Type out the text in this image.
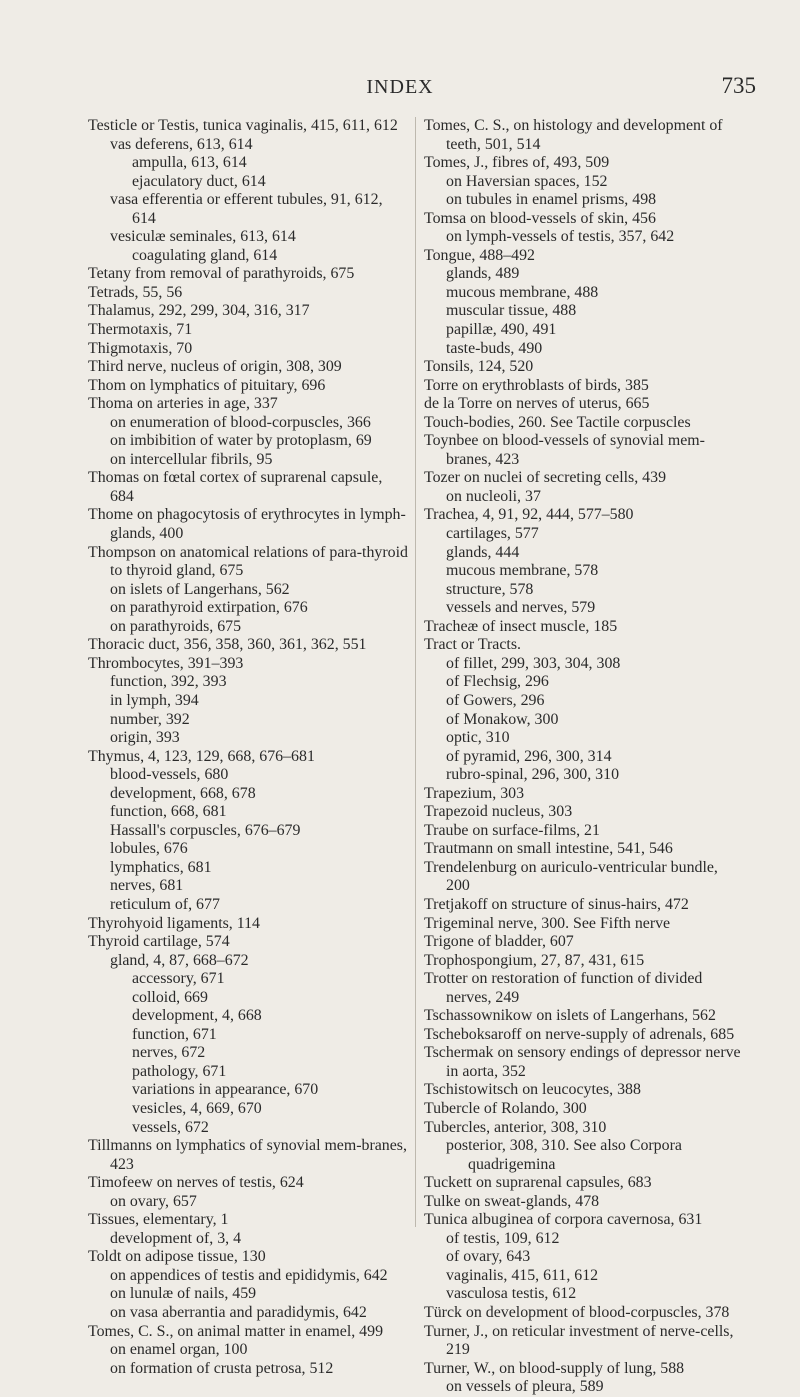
INDEX	735
Testicle or Testis, tunica vaginalis, 415, 611, 612
vas deferens, 613, 614
ampulla, 613, 614
ejaculatory duct, 614
vasa efferentia or efferent tubules, 91, 612, 614
vesiculæ seminales, 613, 614
coagulating gland, 614
Tetany from removal of parathyroids, 675
Tetrads, 55, 56
Thalamus, 292, 299, 304, 316, 317
Thermotaxis, 71
Thigmotaxis, 70
Third nerve, nucleus of origin, 308, 309
Thom on lymphatics of pituitary, 696
Thoma on arteries in age, 337
on enumeration of blood-corpuscles, 366
on imbibition of water by protoplasm, 69
on intercellular fibrils, 95
Thomas on fœtal cortex of suprarenal capsule, 684
Thome on phagocytosis of erythrocytes in lymph-glands, 400
Thompson on anatomical relations of para-thyroid to thyroid gland, 675
on islets of Langerhans, 562
on parathyroid extirpation, 676
on parathyroids, 675
Thoracic duct, 356, 358, 360, 361, 362, 551
Thrombocytes, 391–393
function, 392, 393
in lymph, 394
number, 392
origin, 393
Thymus, 4, 123, 129, 668, 676–681
blood-vessels, 680
development, 668, 678
function, 668, 681
Hassall's corpuscles, 676–679
lobules, 676
lymphatics, 681
nerves, 681
reticulum of, 677
Thyrohyoid ligaments, 114
Thyroid cartilage, 574
gland, 4, 87, 668–672
accessory, 671
colloid, 669
development, 4, 668
function, 671
nerves, 672
pathology, 671
variations in appearance, 670
vesicles, 4, 669, 670
vessels, 672
Tillmanns on lymphatics of synovial mem-branes, 423
Timofeew on nerves of testis, 624
on ovary, 657
Tissues, elementary, 1
development of, 3, 4
Toldt on adipose tissue, 130
on appendices of testis and epididymis, 642
on lunulæ of nails, 459
on vasa aberrantia and paradidymis, 642
Tomes, C. S., on animal matter in enamel, 499
on enamel organ, 100
on formation of crusta petrosa, 512
Tomes, C. S., on histology and development of teeth, 501, 514
Tomes, J., fibres of, 493, 509
on Haversian spaces, 152
on tubules in enamel prisms, 498
Tomsa on blood-vessels of skin, 456
on lymph-vessels of testis, 357, 642
Tongue, 488–492
glands, 489
mucous membrane, 488
muscular tissue, 488
papillæ, 490, 491
taste-buds, 490
Tonsils, 124, 520
Torre on erythroblasts of birds, 385
de la Torre on nerves of uterus, 665
Touch-bodies, 260. See Tactile corpuscles
Toynbee on blood-vessels of synovial mem-branes, 423
Tozer on nuclei of secreting cells, 439
on nucleoli, 37
Trachea, 4, 91, 92, 444, 577–580
cartilages, 577
glands, 444
mucous membrane, 578
structure, 578
vessels and nerves, 579
Tracheæ of insect muscle, 185
Tract or Tracts.
of fillet, 299, 303, 304, 308
of Flechsig, 296
of Gowers, 296
of Monakow, 300
optic, 310
of pyramid, 296, 300, 314
rubro-spinal, 296, 300, 310
Trapezium, 303
Trapezoid nucleus, 303
Traube on surface-films, 21
Trautmann on small intestine, 541, 546
Trendelenburg on auriculo-ventricular bundle, 200
Tretjakoff on structure of sinus-hairs, 472
Trigeminal nerve, 300. See Fifth nerve
Trigone of bladder, 607
Trophospongium, 27, 87, 431, 615
Trotter on restoration of function of divided nerves, 249
Tschassownikow on islets of Langerhans, 562
Tscheboksaroff on nerve-supply of adrenals, 685
Tschermak on sensory endings of depressor nerve in aorta, 352
Tschistowitsch on leucocytes, 388
Tubercle of Rolando, 300
Tubercles, anterior, 308, 310
posterior, 308, 310. See also Corpora quadrigemina
Tuckett on suprarenal capsules, 683
Tulke on sweat-glands, 478
Tunica albuginea of corpora cavernosa, 631
of testis, 109, 612
of ovary, 643
vaginalis, 415, 611, 612
vasculosa testis, 612
Türck on development of blood-corpuscles, 378
Turner, J., on reticular investment of nerve-cells, 219
Turner, W., on blood-supply of lung, 588
on vessels of pleura, 589
